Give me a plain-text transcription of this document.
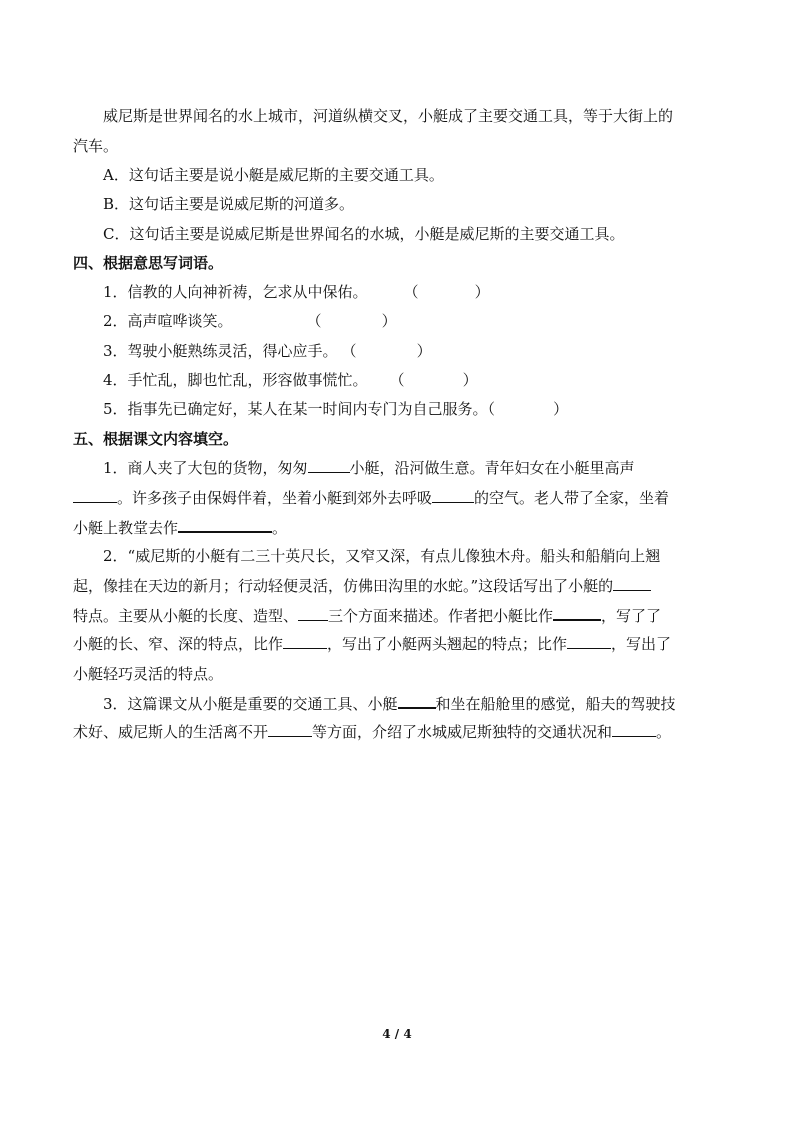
威尼斯是世界闻名的水上城市，河道纵横交叉，小艇成了主要交通工具，等于大街上的
汽车。
A．这句话主要是说小艇是威尼斯的主要交通工具。
B．这句话主要是说威尼斯的河道多。
C．这句话主要是说威尼斯是世界闻名的水城，小艇是威尼斯的主要交通工具。
四、根据意思写词语。
1．信教的人向神祈祷，乞求从中保佑。 （	）
2．高声喧哗谈笑。	（	）
3．驾驶小艇熟练灵活，得心应手。 （	）
4．手忙乱，脚也忙乱，形容做事慌忙。 （	）
5．指事先已确定好，某人在某一时间内专门为自己服务。（	）
五、根据课文内容填空。
1．商人夹了大包的货物，匆匆	小艇，沿河做生意。青年妇女在小艇里高声
。许多孩子由保姆伴着，坐着小艇到郊外去呼吸	的空气。老人带了全家，坐着
小艇上教堂去作	。
2．“威尼斯的小艇有二三十英尺长，又窄又深，有点儿像独木舟。船头和船艄向上翘
起，像挂在天边的新月；行动轻便灵活，仿佛田沟里的水蛇。”这段话写出了小艇的
特点。主要从小艇的长度、造型、 三个方面来描述。作者把小艇比作	，写了了
小艇的长、窄、深的特点，比作	，写出了小艇两头翘起的特点；比作	，写出了
小艇轻巧灵活的特点。
3．这篇课文从小艇是重要的交通工具、小艇	和坐在船舱里的感觉，船夫的驾驶技
术好、威尼斯人的生活离不开	等方面，介绍了水城威尼斯独特的交通状况和	。
4 / 4
